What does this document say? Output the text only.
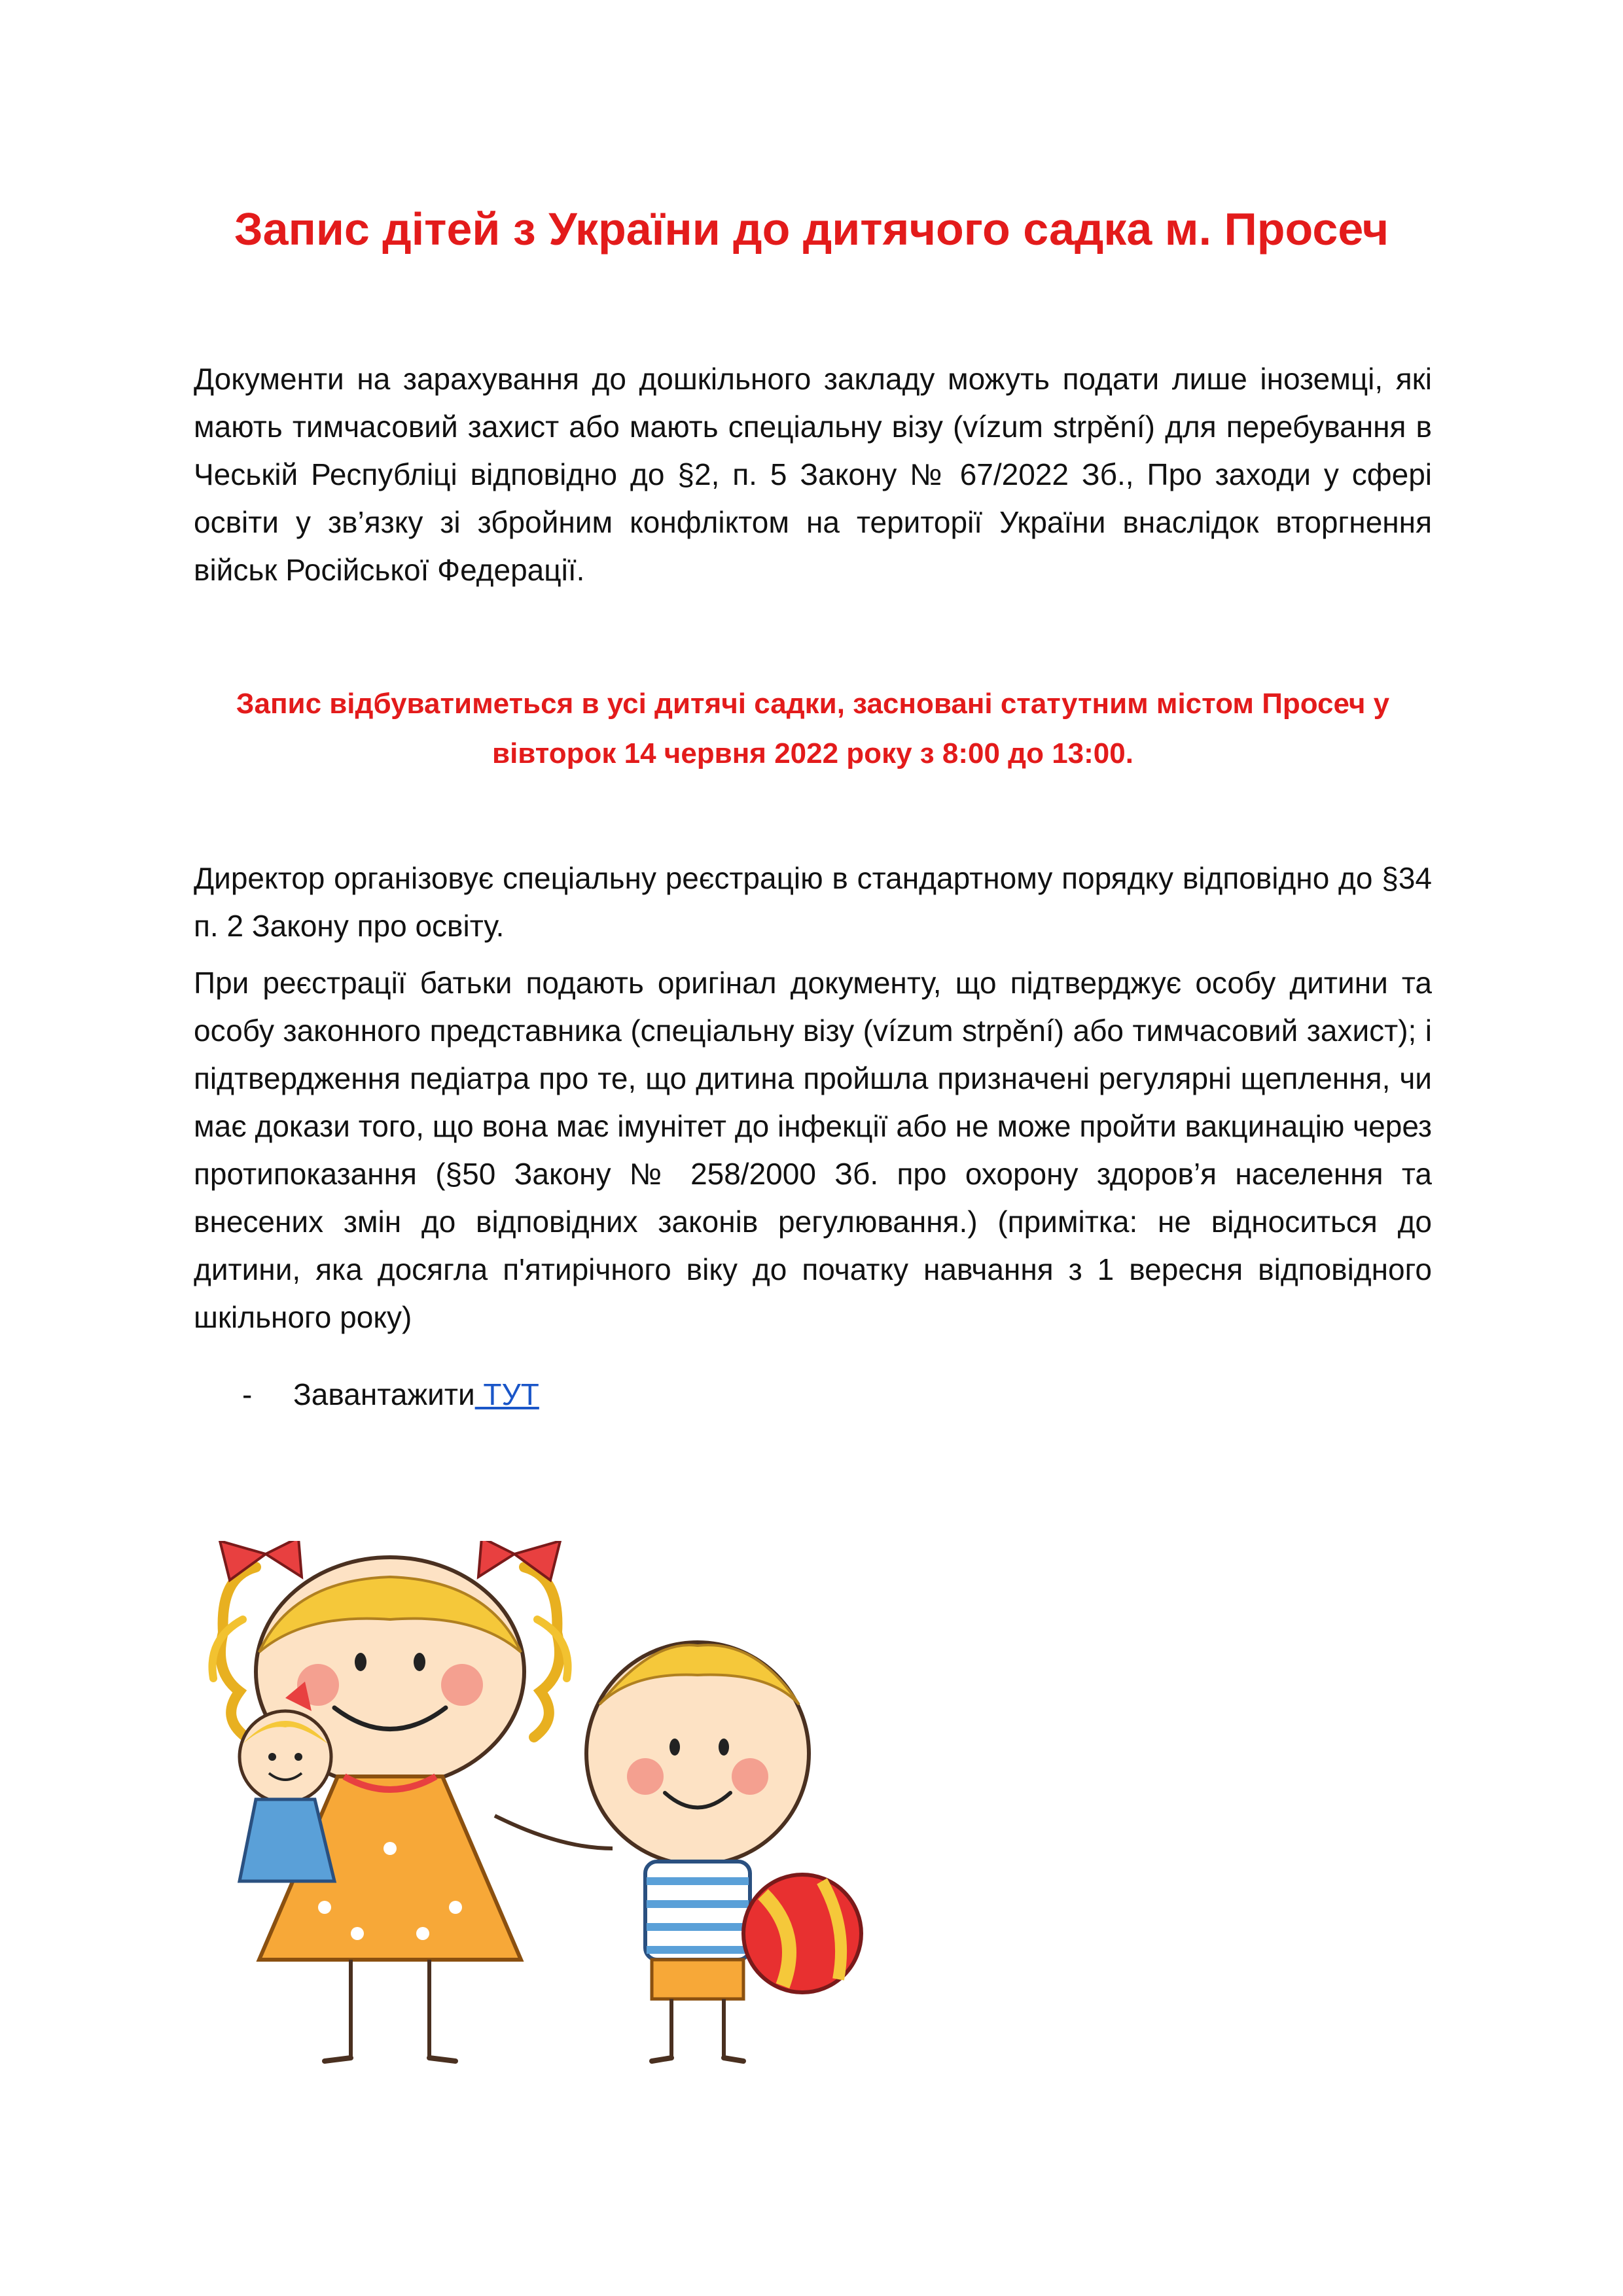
Запис дітей з України до дитячого садка м. Просеч

Документи на зарахування до дошкільного закладу можуть подати лише іноземці, які мають тимчасовий захист або мають спеціальну візу (vízum strpění) для перебування в Чеській Республіці відповідно до §2, п. 5 Закону № 67/2022 Зб., Про заходи у сфері освіти у зв’язку зі збройним конфліктом на території України внаслідок вторгнення військ Російської Федерації.

Запис відбуватиметься в усі дитячі садки, засновані статутним містом Просеч у
вівторок 14 червня 2022 року з 8:00 до 13:00.

Директор організовує спеціальну реєстрацію в стандартному порядку відповідно до §34 п. 2 Закону про освіту.

При реєстрації батьки подають оригінал документу, що підтверджує особу дитини та особу законного представника (спеціальну візу (vízum strpění) або тимчасовий захист); і підтвердження педіатра про те, що дитина пройшла призначені регулярні щеплення, чи має докази того, що вона має імунітет до інфекції або не може пройти вакцинацію через протипоказання (§50 Закону № 258/2000 Зб. про охорону здоров’я населення та внесених змін до відповідних законів регулювання.) (примітка: не відноситься до дитини, яка досягла п'ятирічного віку до початку навчання з 1 вересня відповідного шкільного року)

- Завантажити ТУТ
